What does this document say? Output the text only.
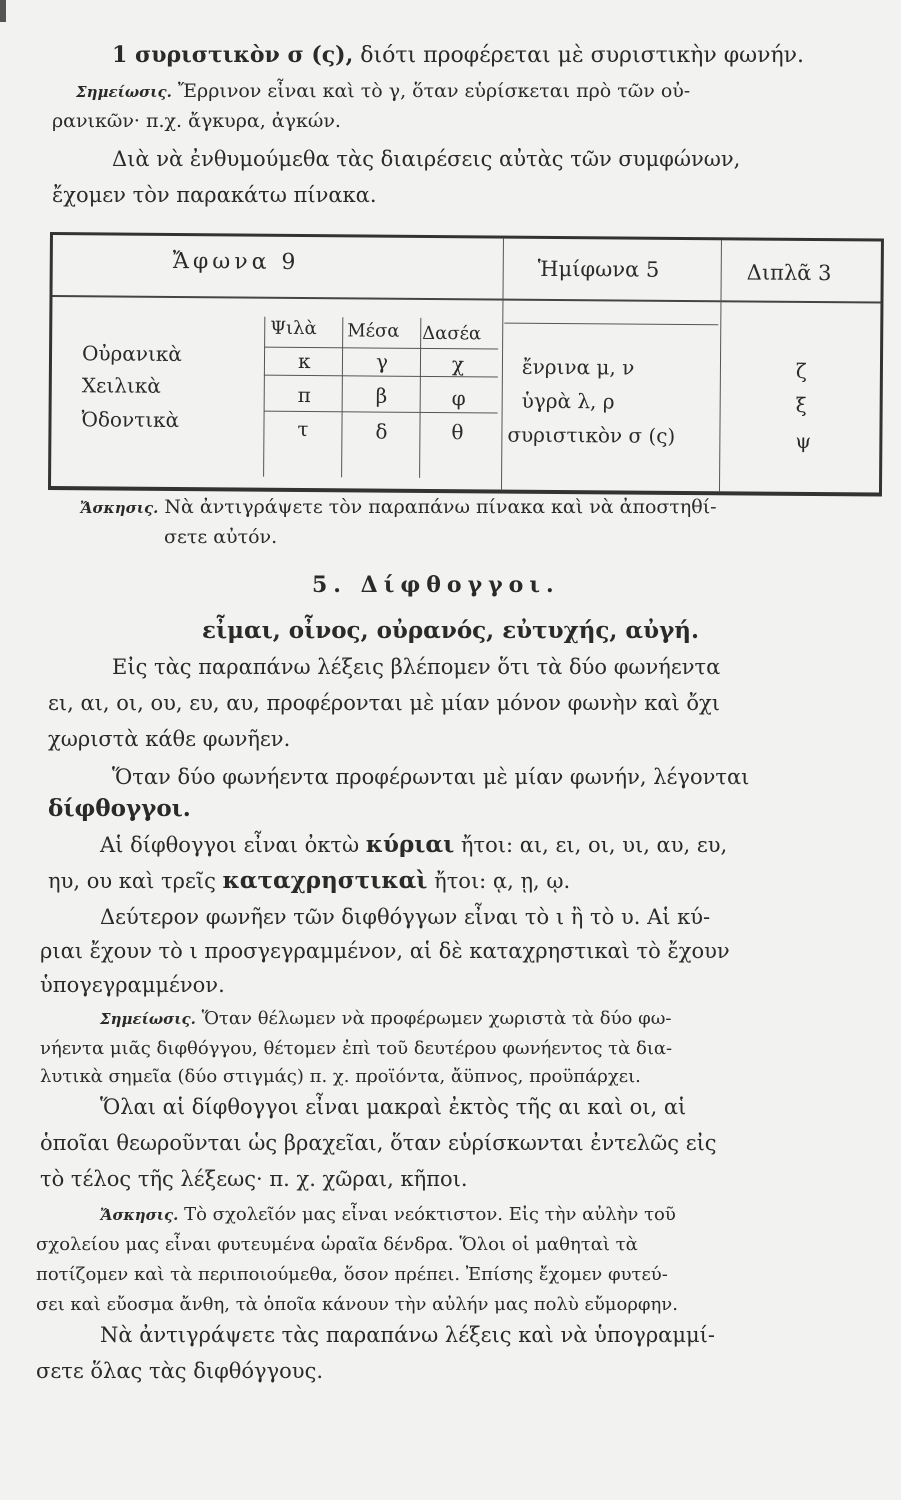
1 συριστικὸν σ (ς), διότι προφέρεται μὲ συριστικὴν φωνήν.
Σημείωσις. Ἔρρινον εἶναι καὶ τὸ γ, ὅταν εὑρίσκεται πρὸ τῶν οὐ-
ρανικῶν· π.χ. ἄγκυρα, ἀγκών.
Διὰ νὰ ἐνθυμούμεθα τὰς διαιρέσεις αὐτὰς τῶν συμφώνων,
ἔχομεν τὸν παρακάτω πίνακα.
Ἄφωνα 9	Ἡμίφωνα 5	Διπλᾶ 3
Ψιλὰ Μέσα Δασέα
Οὐρανικὰ
Χειλικὰ
Ὀδοντικὰ
κ
π
τ
γ
β
δ
χ
φ
θ
ἔνρινα μ, ν
ὑγρὰ λ, ρ
συριστικὸν σ (ς)
ζ
ξ
ψ
Ἄσκησις. Νὰ ἀντιγράψετε τὸν παραπάνω πίνακα καὶ νὰ ἀποστηθί-
σετε αὐτόν.
5. Δίφθογγοι.
εἶμαι, οἶνος, οὐρανός, εὐτυχής, αὐγή.
Εἰς τὰς παραπάνω λέξεις βλέπομεν ὅτι τὰ δύο φωνήεντα
ει, αι, οι, ου, ευ, αυ, προφέρονται μὲ μίαν μόνον φωνὴν καὶ ὄχι
χωριστὰ κάθε φωνῆεν.
Ὅταν δύο φωνήεντα προφέρωνται μὲ μίαν φωνήν, λέγονται
δίφθογγοι.
Αἱ δίφθογγοι εἶναι ὀκτὼ κύριαι ἤτοι: αι, ει, οι, υι, αυ, ευ,
ηυ, ου καὶ τρεῖς καταχρηστικαὶ ἤτοι: ᾳ, ῃ, ῳ.
Δεύτερον φωνῆεν τῶν διφθόγγων εἶναι τὸ ι ἢ τὸ υ. Αἱ κύ-
ριαι ἔχουν τὸ ι προσγεγραμμένον, αἱ δὲ καταχρηστικαὶ τὸ ἔχουν
ὑπογεγραμμένον.
Σημείωσις. Ὅταν θέλωμεν νὰ προφέρωμεν χωριστὰ τὰ δύο φω-
νήεντα μιᾶς διφθόγγου, θέτομεν ἐπὶ τοῦ δευτέρου φωνήεντος τὰ δια-
λυτικὰ σημεῖα (δύο στιγμάς) π. χ. προϊόντα, ἄϋπνος, προϋπάρχει.
Ὅλαι αἱ δίφθογγοι εἶναι μακραὶ ἐκτὸς τῆς αι καὶ οι, αἱ
ὁποῖαι θεωροῦνται ὡς βραχεῖαι, ὅταν εὑρίσκωνται ἐντελῶς εἰς
τὸ τέλος τῆς λέξεως· π. χ. χῶραι, κῆποι.
Ἄσκησις. Τὸ σχολεῖόν μας εἶναι νεόκτιστον. Εἰς τὴν αὐλὴν τοῦ
σχολείου μας εἶναι φυτευμένα ὡραῖα δένδρα. Ὅλοι οἱ μαθηταὶ τὰ
ποτίζομεν καὶ τὰ περιποιούμεθα, ὅσον πρέπει. Ἐπίσης ἔχομεν φυτεύ-
σει καὶ εὔοσμα ἄνθη, τὰ ὁποῖα κάνουν τὴν αὐλήν μας πολὺ εὔμορφην.
Νὰ ἀντιγράψετε τὰς παραπάνω λέξεις καὶ νὰ ὑπογραμμί-
σετε ὅλας τὰς διφθόγγους.
